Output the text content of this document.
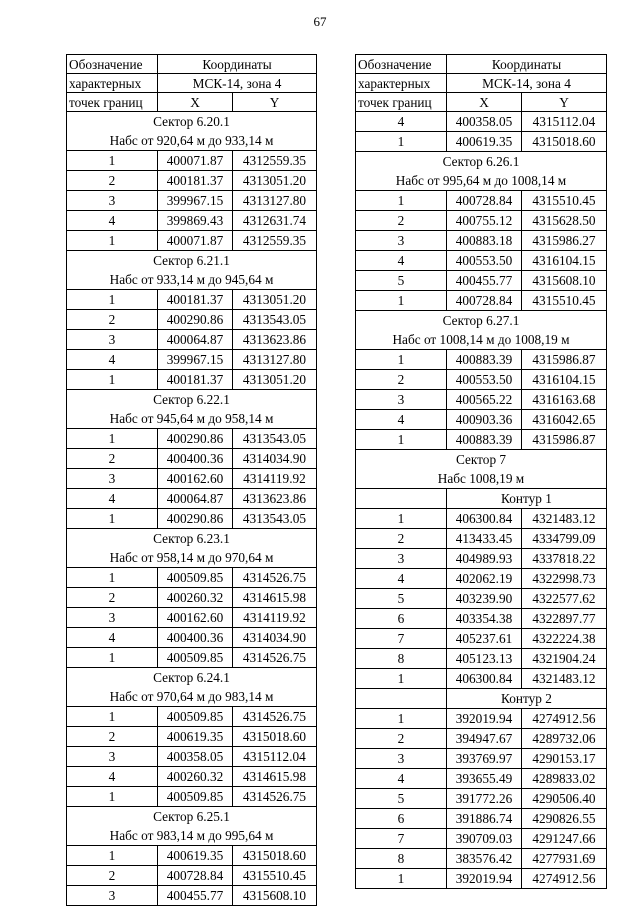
67
Обозначение	Координаты	
характерных	МСК-14, зона 4	
точек границ	X	Y
Сектор 6.20.1		
Набс от 920,64 м до 933,14 м		
1	400071.87	4312559.35
2	400181.37	4313051.20
3	399967.15	4313127.80
4	399869.43	4312631.74
1	400071.87	4312559.35
Сектор 6.21.1		
Набс от 933,14 м до 945,64 м		
1	400181.37	4313051.20
2	400290.86	4313543.05
3	400064.87	4313623.86
4	399967.15	4313127.80
1	400181.37	4313051.20
Сектор 6.22.1		
Набс от 945,64 м до 958,14 м		
1	400290.86	4313543.05
2	400400.36	4314034.90
3	400162.60	4314119.92
4	400064.87	4313623.86
1	400290.86	4313543.05
Сектор 6.23.1		
Набс от 958,14 м до 970,64 м		
1	400509.85	4314526.75
2	400260.32	4314615.98
3	400162.60	4314119.92
4	400400.36	4314034.90
1	400509.85	4314526.75
Сектор 6.24.1		
Набс от 970,64 м до 983,14 м		
1	400509.85	4314526.75
2	400619.35	4315018.60
3	400358.05	4315112.04
4	400260.32	4314615.98
1	400509.85	4314526.75
Сектор 6.25.1		
Набс от 983,14 м до 995,64 м		
1	400619.35	4315018.60
2	400728.84	4315510.45
3	400455.77	4315608.10
Обозначение	Координаты	
характерных	МСК-14, зона 4	
точек границ	X	Y
4	400358.05	4315112.04
1	400619.35	4315018.60
Сектор 6.26.1		
Набс от 995,64 м до 1008,14 м		
1	400728.84	4315510.45
2	400755.12	4315628.50
3	400883.18	4315986.27
4	400553.50	4316104.15
5	400455.77	4315608.10
1	400728.84	4315510.45
Сектор 6.27.1		
Набс от 1008,14 м до 1008,19 м		
1	400883.39	4315986.87
2	400553.50	4316104.15
3	400565.22	4316163.68
4	400903.36	4316042.65
1	400883.39	4315986.87
Сектор 7		
Набс 1008,19 м		
	Контур 1	
1	406300.84	4321483.12
2	413433.45	4334799.09
3	404989.93	4337818.22
4	402062.19	4322998.73
5	403239.90	4322577.62
6	403354.38	4322897.77
7	405237.61	4322224.38
8	405123.13	4321904.24
1	406300.84	4321483.12
	Контур 2	
1	392019.94	4274912.56
2	394947.67	4289732.06
3	393769.97	4290153.17
4	393655.49	4289833.02
5	391772.26	4290506.40
6	391886.74	4290826.55
7	390709.03	4291247.66
8	383576.42	4277931.69
1	392019.94	4274912.56
